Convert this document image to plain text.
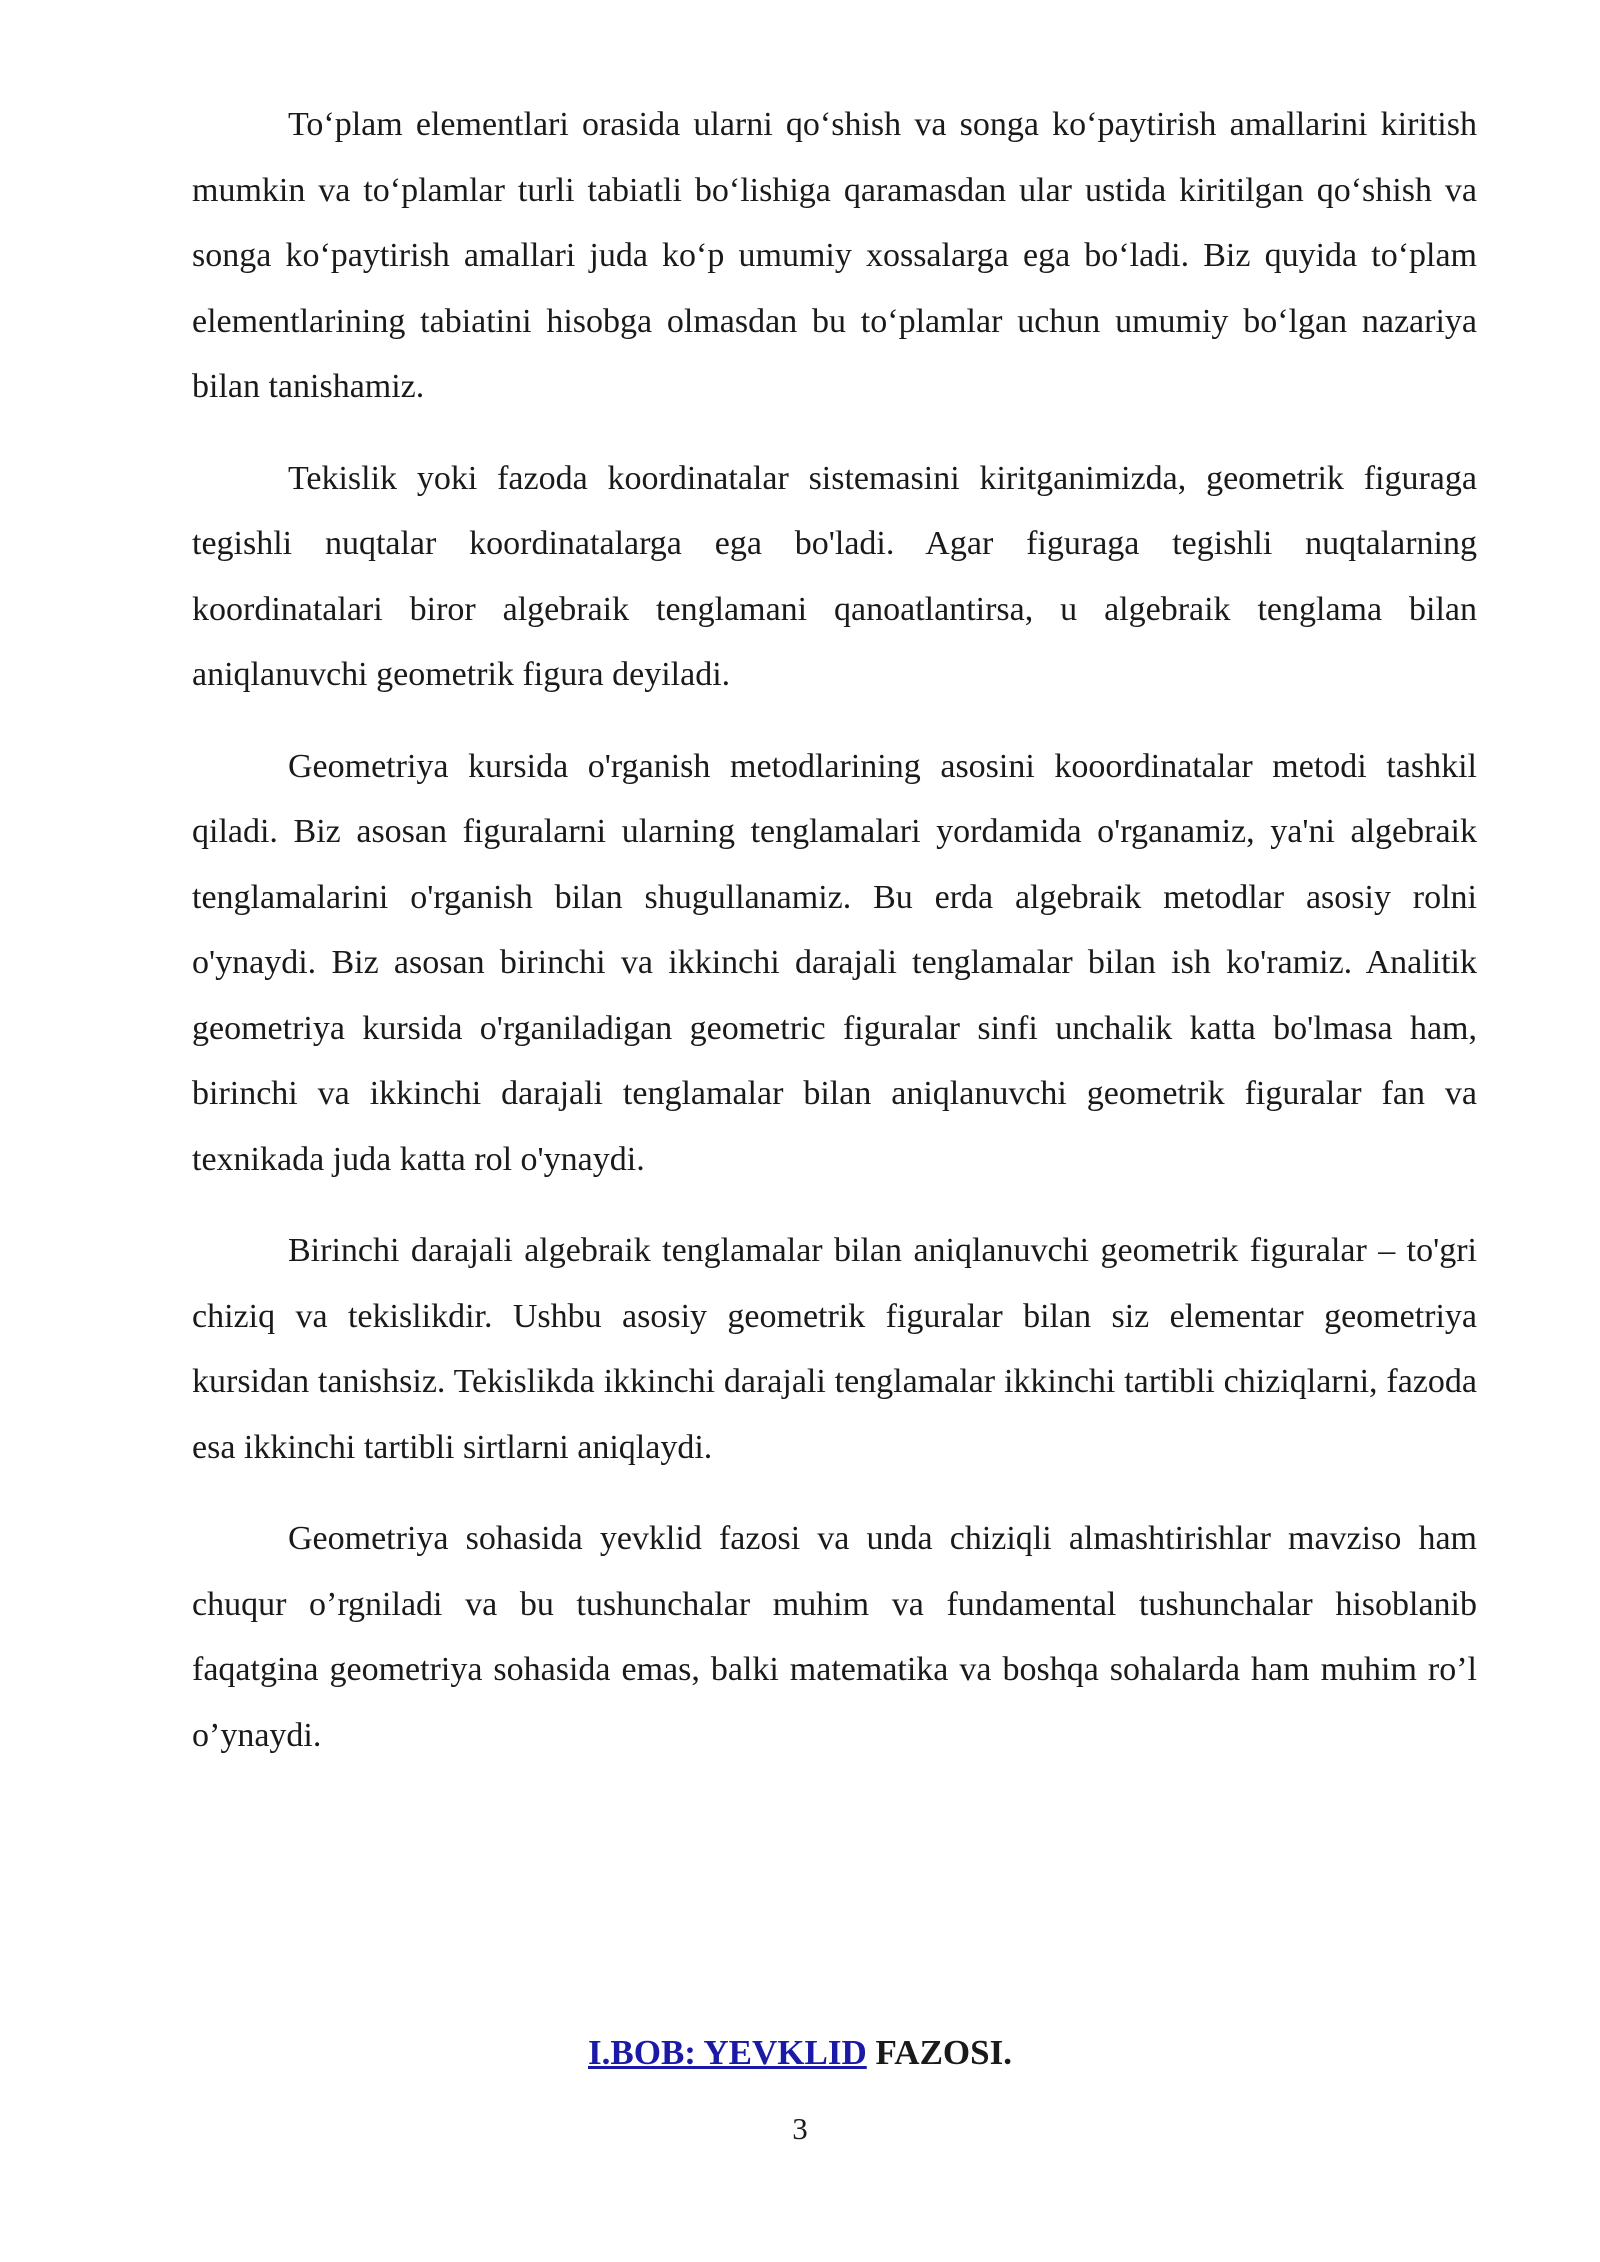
To‘plam elementlari orasida ularni qo‘shish va songa ko‘paytirish amallarini kiritish mumkin va to‘plamlar turli tabiatli bo‘lishiga qaramasdan ular ustida kiritilgan qo‘shish va songa ko‘paytirish amallari juda ko‘p umumiy xossalarga ega bo‘ladi. Biz quyida to‘plam elementlarining tabiatini hisobga olmasdan bu to‘plamlar uchun umumiy bo‘lgan nazariya bilan tanishamiz.

Tekislik yoki fazoda koordinatalar sistemasini kiritganimizda, geometrik figuraga tegishli nuqtalar koordinatalarga ega bo'ladi. Agar figuraga tegishli nuqtalarning koordinatalari biror algebraik tenglamani qanoatlantirsa, u algebraik tenglama bilan aniqlanuvchi geometrik figura deyiladi.

Geometriya kursida o'rganish metodlarining asosini kooordinatalar metodi tashkil qiladi. Biz asosan figuralarni ularning tenglamalari yordamida o'rganamiz, ya'ni algebraik tenglamalarini o'rganish bilan shugullanamiz. Bu erda algebraik metodlar asosiy rolni o'ynaydi. Biz asosan birinchi va ikkinchi darajali tenglamalar bilan ish ko'ramiz. Analitik geometriya kursida o'rganiladigan geometric figuralar sinfi unchalik katta bo'lmasa ham, birinchi va ikkinchi darajali tenglamalar bilan aniqlanuvchi geometrik figuralar fan va texnikada juda katta rol o'ynaydi.

Birinchi darajali algebraik tenglamalar bilan aniqlanuvchi geometrik figuralar – to'gri chiziq va tekislikdir. Ushbu asosiy geometrik figuralar bilan siz elementar geometriya kursidan tanishsiz. Tekislikda ikkinchi darajali tenglamalar ikkinchi tartibli chiziqlarni, fazoda esa ikkinchi tartibli sirtlarni aniqlaydi.

Geometriya sohasida yevklid fazosi va unda chiziqli almashtirishlar mavziso ham chuqur o’rgniladi va bu tushunchalar muhim va fundamental tushunchalar hisoblanib faqatgina geometriya sohasida emas, balki matematika va boshqa sohalarda ham muhim ro’l o’ynaydi.

I.BOB: YEVKLID FAZOSI.
3
